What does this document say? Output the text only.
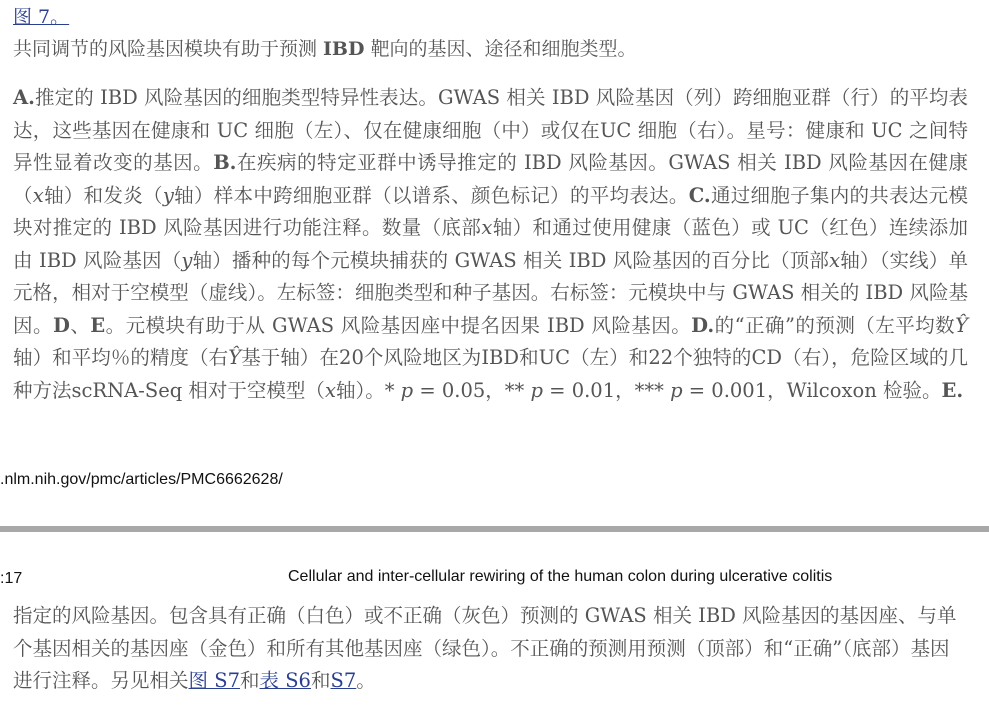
图 7。
共同调节的风险基因模块有助于预测 IBD 靶向的基因、途径和细胞类型。

A.推定的 IBD 风险基因的细胞类型特异性表达。GWAS 相关 IBD 风险基因（列）跨细胞亚群（行）的平均表达，这些基因在健康和 UC 细胞（左）、仅在健康细胞（中）或仅在UC 细胞（右）。星号：健康和 UC 之间特异性显着改变的基因。B.在疾病的特定亚群中诱导推定的 IBD 风险基因。GWAS 相关 IBD 风险基因在健康（x轴）和发炎（y轴）样本中跨细胞亚群（以谱系、颜色标记）的平均表达。C.通过细胞子集内的共表达元模块对推定的 IBD 风险基因进行功能注释。数量（底部x轴）和通过使用健康（蓝色）或 UC（红色）连续添加由 IBD 风险基因（y轴）播种的每个元模块捕获的 GWAS 相关 IBD 风险基因的百分比（顶部x轴）（实线）单元格，相对于空模型（虚线）。左标签：细胞类型和种子基因。右标签：元模块中与 GWAS 相关的 IBD 风险基因。D、E。元模块有助于从 GWAS 风险基因座中提名因果 IBD 风险基因。D.的“正确”的预测（左平均数Ŷ轴）和平均％的精度（右Ŷ基于轴）在20个风险地区为IBD和UC（左）和22个独特的CD（右），危险区域的几种方法scRNA-Seq 相对于空模型（x轴）。* p = 0.05，** p = 0.01，*** p = 0.001，Wilcoxon 检验。E.

.nlm.nih.gov/pmc/articles/PMC6662628/
:17	Cellular and inter-cellular rewiring of the human colon during ulcerative colitis

指定的风险基因。包含具有正确（白色）或不正确（灰色）预测的 GWAS 相关 IBD 风险基因的基因座、与单个基因相关的基因座（金色）和所有其他基因座（绿色）。不正确的预测用预测（顶部）和“正确”（底部）基因进行注释。另见相关图 S7和表 S6和S7。
